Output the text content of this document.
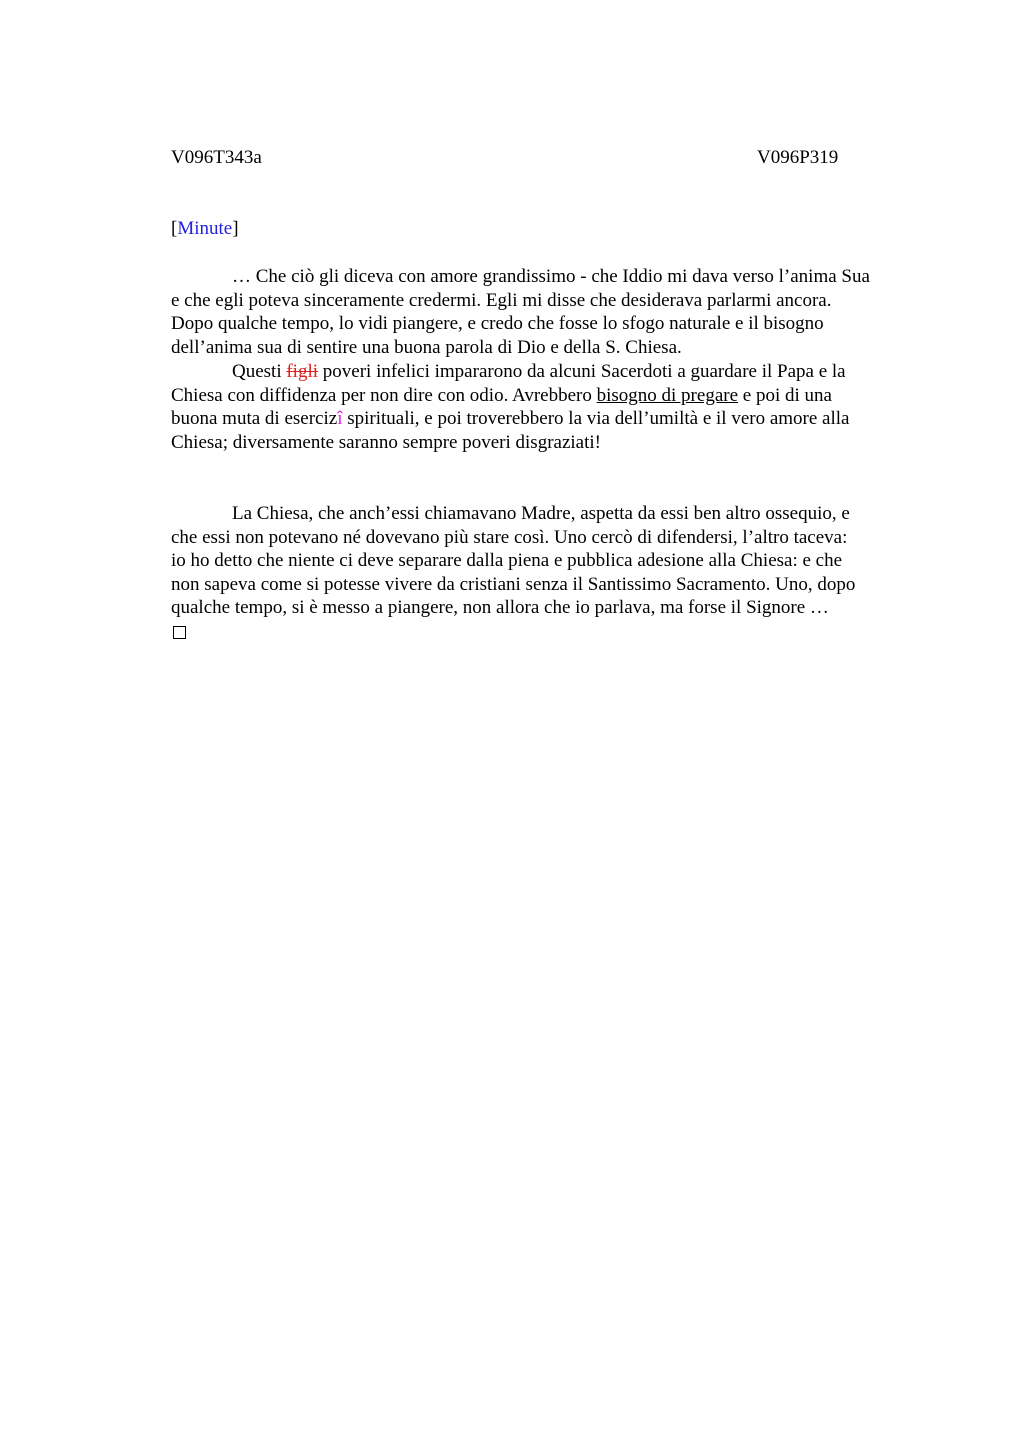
V096T343a	V096P319
[Minute]
… Che ciò gli diceva con amore grandissimo - che Iddio mi dava verso l’anima Sua
e che egli poteva sinceramente credermi. Egli mi disse che desiderava parlarmi ancora.
Dopo qualche tempo, lo vidi piangere, e credo che fosse lo sfogo naturale e il bisogno
dell’anima sua di sentire una buona parola di Dio e della S. Chiesa.
Questi figli poveri infelici impararono da alcuni Sacerdoti a guardare il Papa e la
Chiesa con diffidenza per non dire con odio. Avrebbero bisogno di pregare e poi di una
buona muta di esercizî spirituali, e poi troverebbero la via dell’umiltà e il vero amore alla
Chiesa; diversamente saranno sempre poveri disgraziati!
La Chiesa, che anch’essi chiamavano Madre, aspetta da essi ben altro ossequio, e
che essi non potevano né dovevano più stare così. Uno cercò di difendersi, l’altro taceva:
io ho detto che niente ci deve separare dalla piena e pubblica adesione alla Chiesa: e che
non sapeva come si potesse vivere da cristiani senza il Santissimo Sacramento. Uno, dopo
qualche tempo, si è messo a piangere, non allora che io parlava, ma forse il Signore …
